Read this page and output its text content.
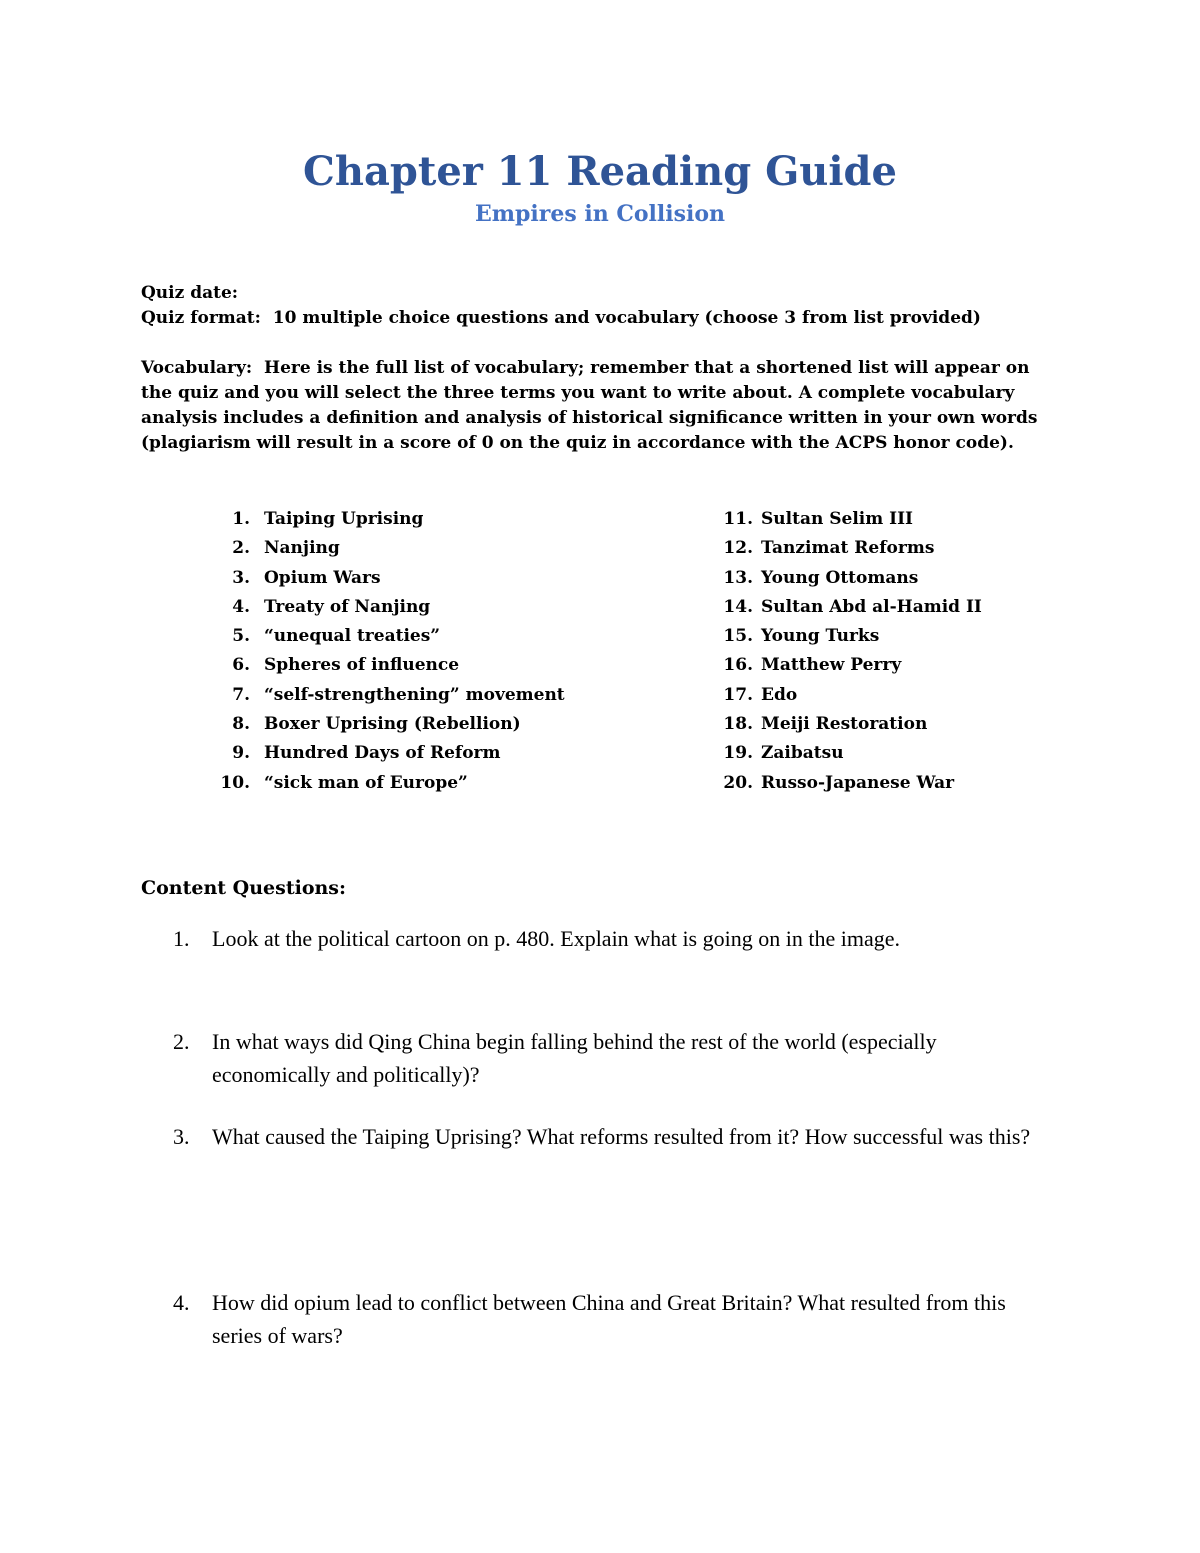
Chapter 11 Reading Guide
Empires in Collision
Quiz date:
Quiz format: 10 multiple choice questions and vocabulary (choose 3 from list provided)
Vocabulary: Here is the full list of vocabulary; remember that a shortened list will appear on the quiz and you will select the three terms you want to write about. A complete vocabulary analysis includes a definition and analysis of historical significance written in your own words (plagiarism will result in a score of 0 on the quiz in accordance with the ACPS honor code).
1. Taiping Uprising
2. Nanjing
3. Opium Wars
4. Treaty of Nanjing
5. “unequal treaties”
6. Spheres of influence
7. “self-strengthening” movement
8. Boxer Uprising (Rebellion)
9. Hundred Days of Reform
10. “sick man of Europe”
11. Sultan Selim III
12. Tanzimat Reforms
13. Young Ottomans
14. Sultan Abd al-Hamid II
15. Young Turks
16. Matthew Perry
17. Edo
18. Meiji Restoration
19. Zaibatsu
20. Russo-Japanese War
Content Questions:
1.	Look at the political cartoon on p. 480. Explain what is going on in the image.
2.	In what ways did Qing China begin falling behind the rest of the world (especially economically and politically)?
3.	What caused the Taiping Uprising? What reforms resulted from it? How successful was this?
4.	How did opium lead to conflict between China and Great Britain? What resulted from this series of wars?
